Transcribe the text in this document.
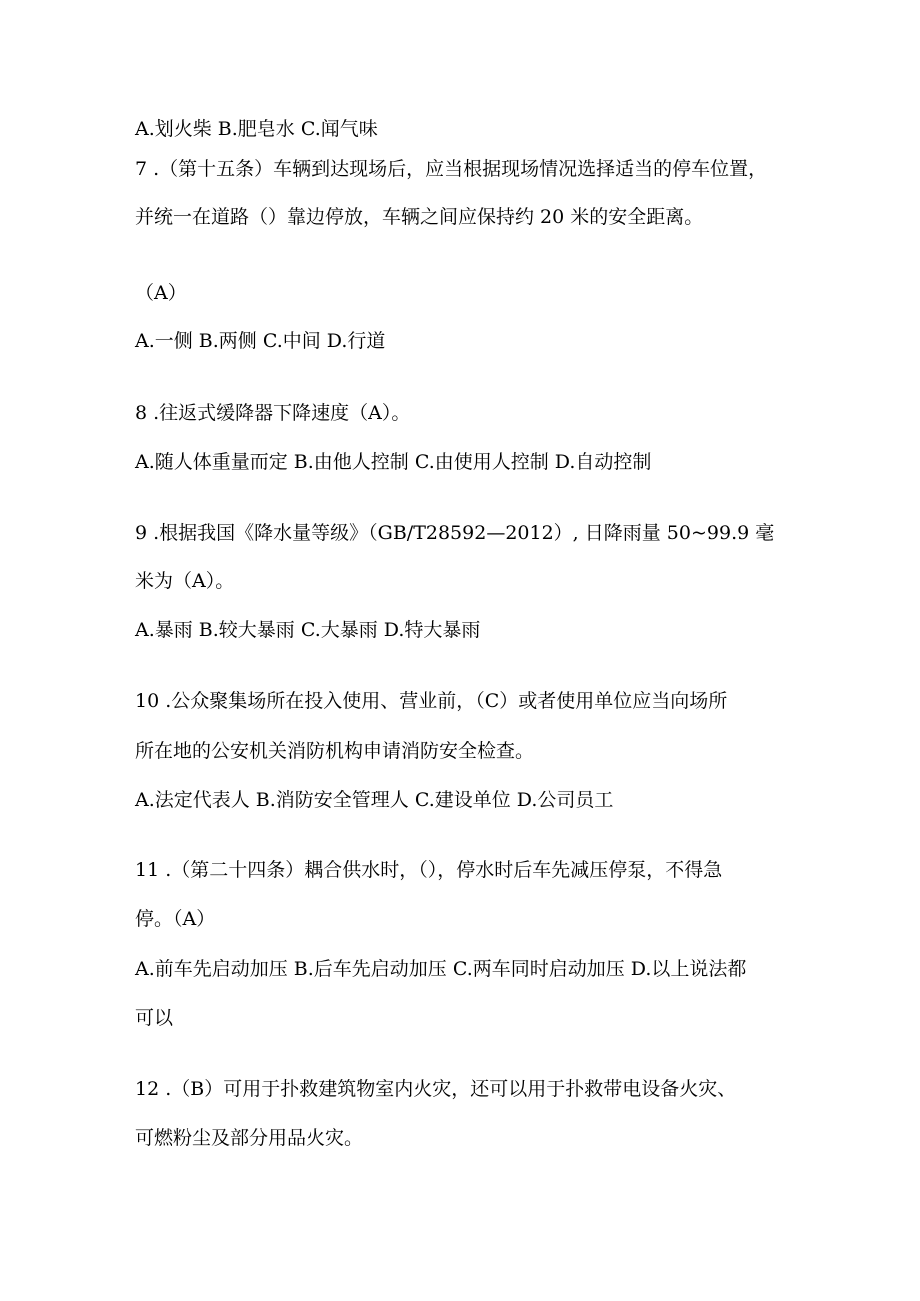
A.划火柴 B.肥皂水 C.闻气味
7 .（第十五条）车辆到达现场后，应当根据现场情况选择适当的停车位置，
并统一在道路（）靠边停放，车辆之间应保持约 20 米的安全距离。
（A）
A.一侧 B.两侧 C.中间 D.行道
8 .往返式缓降器下降速度（A）。
A.随人体重量而定 B.由他人控制 C.由使用人控制 D.自动控制
9 .根据我国《降水量等级》（GB/T28592—2012）, 日降雨量 50~99.9 毫
米为（A）。
A.暴雨 B.较大暴雨 C.大暴雨 D.特大暴雨
10 .公众聚集场所在投入使用、营业前，（C）或者使用单位应当向场所
所在地的公安机关消防机构申请消防安全检查。
A.法定代表人 B.消防安全管理人 C.建设单位 D.公司员工
11 .（第二十四条）耦合供水时，（），停水时后车先减压停泵，不得急
停。（A）
A.前车先启动加压 B.后车先启动加压 C.两车同时启动加压 D.以上说法都
可以
12 .（B）可用于扑救建筑物室内火灾，还可以用于扑救带电设备火灾、
可燃粉尘及部分用品火灾。
